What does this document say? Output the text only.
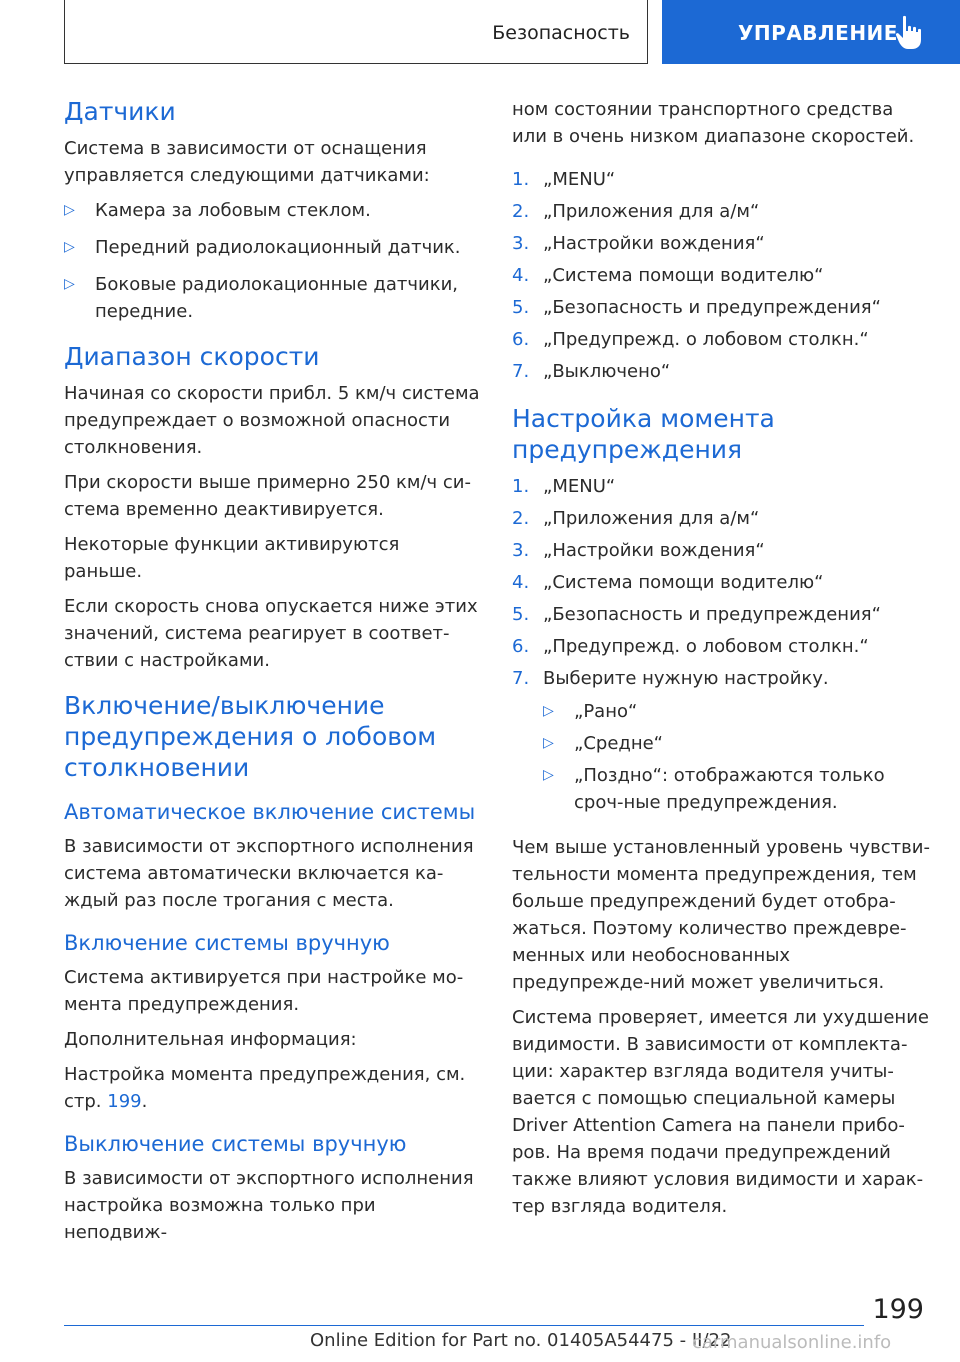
Безопасность	УПРАВЛЕНИЕ
Датчики

Система в зависимости от оснащения управляется следующими датчиками:

▷ Камера за лобовым стеклом.
▷ Передний радиолокационный датчик.
▷ Боковые радиолокационные датчики, передние.
Диапазон скорости

Начиная со скорости прибл. 5 км/ч система предупреждает о возможной опасности столкновения.

При скорости выше примерно 250 км/ч си-стема временно деактивируется.

Некоторые функции активируются раньше.

Если скорость снова опускается ниже этих значений, система реагирует в соответ-ствии с настройками.

Включение/выключение предупреждения о лобовом столкновении
Автоматическое включение системы

В зависимости от экспортного исполнения система автоматически включается ка-ждый раз после трогания с места.

Включение системы вручную

Система активируется при настройке мо-мента предупреждения.

Дополнительная информация:

Настройка момента предупреждения, см. стр. 199.

Выключение системы вручную

В зависимости от экспортного исполнения настройка возможна только при неподвиж-

ном состоянии транспортного средства или в очень низком диапазоне скоростей.

1. „MENU“
2. „Приложения для а/м“
3. „Настройки вождения“
4. „Система помощи водителю“
5. „Безопасность и предупреждения“
6. „Предупрежд. о лобовом столкн.“
7. „Выключено“
Настройка момента предупреждения
1. „MENU“
2. „Приложения для а/м“
3. „Настройки вождения“
4. „Система помощи водителю“
5. „Безопасность и предупреждения“
6. „Предупрежд. о лобовом столкн.“
7. Выберите нужную настройку.
▷ „Рано“
▷ „Средне“
▷ „Поздно“: отображаются только сроч-ные предупреждения.

Чем выше установленный уровень чувстви-тельности момента предупреждения, тем больше предупреждений будет отобра-жаться. Поэтому количество преждевре-менных или необоснованных предупрежде-ний может увеличиться.

Система проверяет, имеется ли ухудшение видимости. В зависимости от комплекта-ции: характер взгляда водителя учиты-вается с помощью специальной камеры Driver Attention Camera на панели прибо-ров. На время подачи предупреждений также влияют условия видимости и харак-тер взгляда водителя.

199
Online Edition for Part no. 01405A54475 - II/22
carmanualsonline.info
